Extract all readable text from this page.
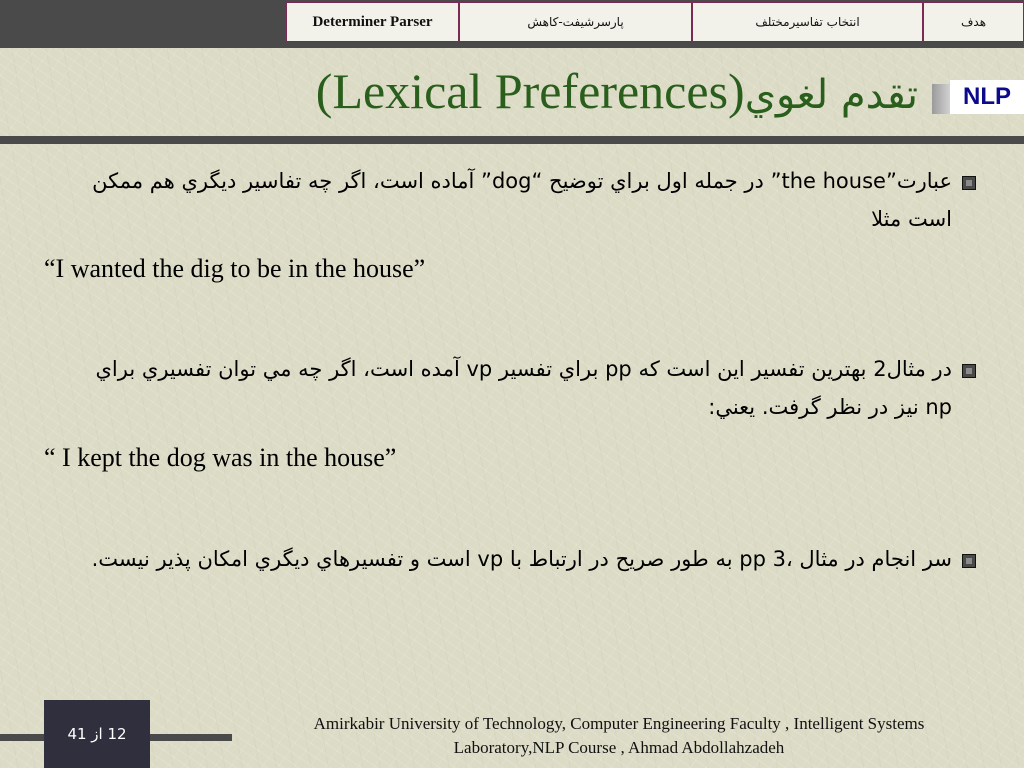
Determiner Parser	پارسرشيفت-كاهش	انتخاب تفاسيرمختلف	هدف
(Lexical Preferences)تقدم لغوي NLP
عبارت”the house” در جمله اول براي توضيح “dog” آماده است، اگر چه تفاسير ديگري هم ممكن است مثلا
“I wanted the dig to be in the house”
در مثال2 بهترين تفسير اين است كه pp براي تفسير vp آمده است، اگر چه مي توان تفسيري براي np نيز در نظر گرفت. يعني:
“ I kept the dog was in the house”
سر انجام در مثال ،3 pp به طور صريح در ارتباط با vp است و تفسيرهاي ديگري امكان پذير نيست.
12 از 41
Amirkabir University of Technology, Computer Engineering Faculty , Intelligent Systems
Laboratory,NLP Course , Ahmad Abdollahzadeh
